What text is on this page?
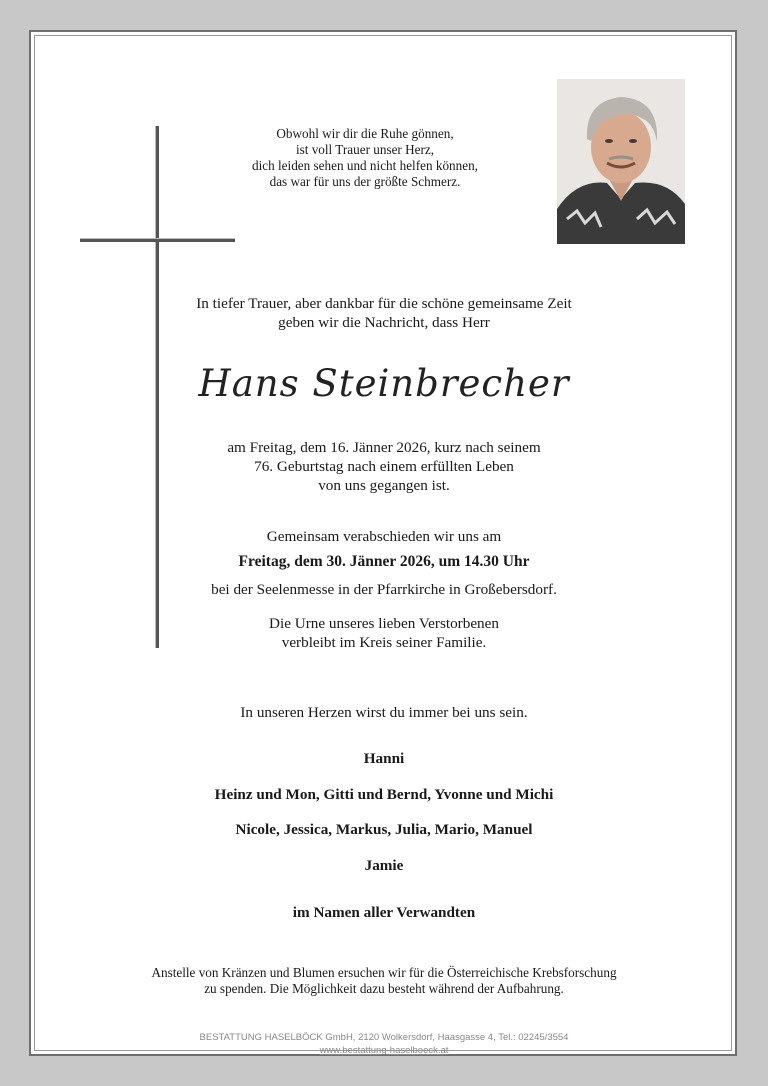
Obwohl wir dir die Ruhe gönnen,
ist voll Trauer unser Herz,
dich leiden sehen und nicht helfen können,
das war für uns der größte Schmerz.
In tiefer Trauer, aber dankbar für die schöne gemeinsame Zeit
geben wir die Nachricht, dass Herr
Hans Steinbrecher
am Freitag, dem 16. Jänner 2026, kurz nach seinem
76. Geburtstag nach einem erfüllten Leben
von uns gegangen ist.
Gemeinsam verabschieden wir uns am
Freitag, dem 30. Jänner 2026, um 14.30 Uhr
bei der Seelenmesse in der Pfarrkirche in Großebersdorf.
Die Urne unseres lieben Verstorbenen
verbleibt im Kreis seiner Familie.
In unseren Herzen wirst du immer bei uns sein.
Hanni
Heinz und Mon, Gitti und Bernd, Yvonne und Michi
Nicole, Jessica, Markus, Julia, Mario, Manuel
Jamie
im Namen aller Verwandten
Anstelle von Kränzen und Blumen ersuchen wir für die Österreichische Krebsforschung
zu spenden. Die Möglichkeit dazu besteht während der Aufbahrung.
BESTATTUNG HASELBÖCK GmbH, 2120 Wolkersdorf, Haasgasse 4, Tel.: 02245/3554
www.bestattung-haselboeck.at
